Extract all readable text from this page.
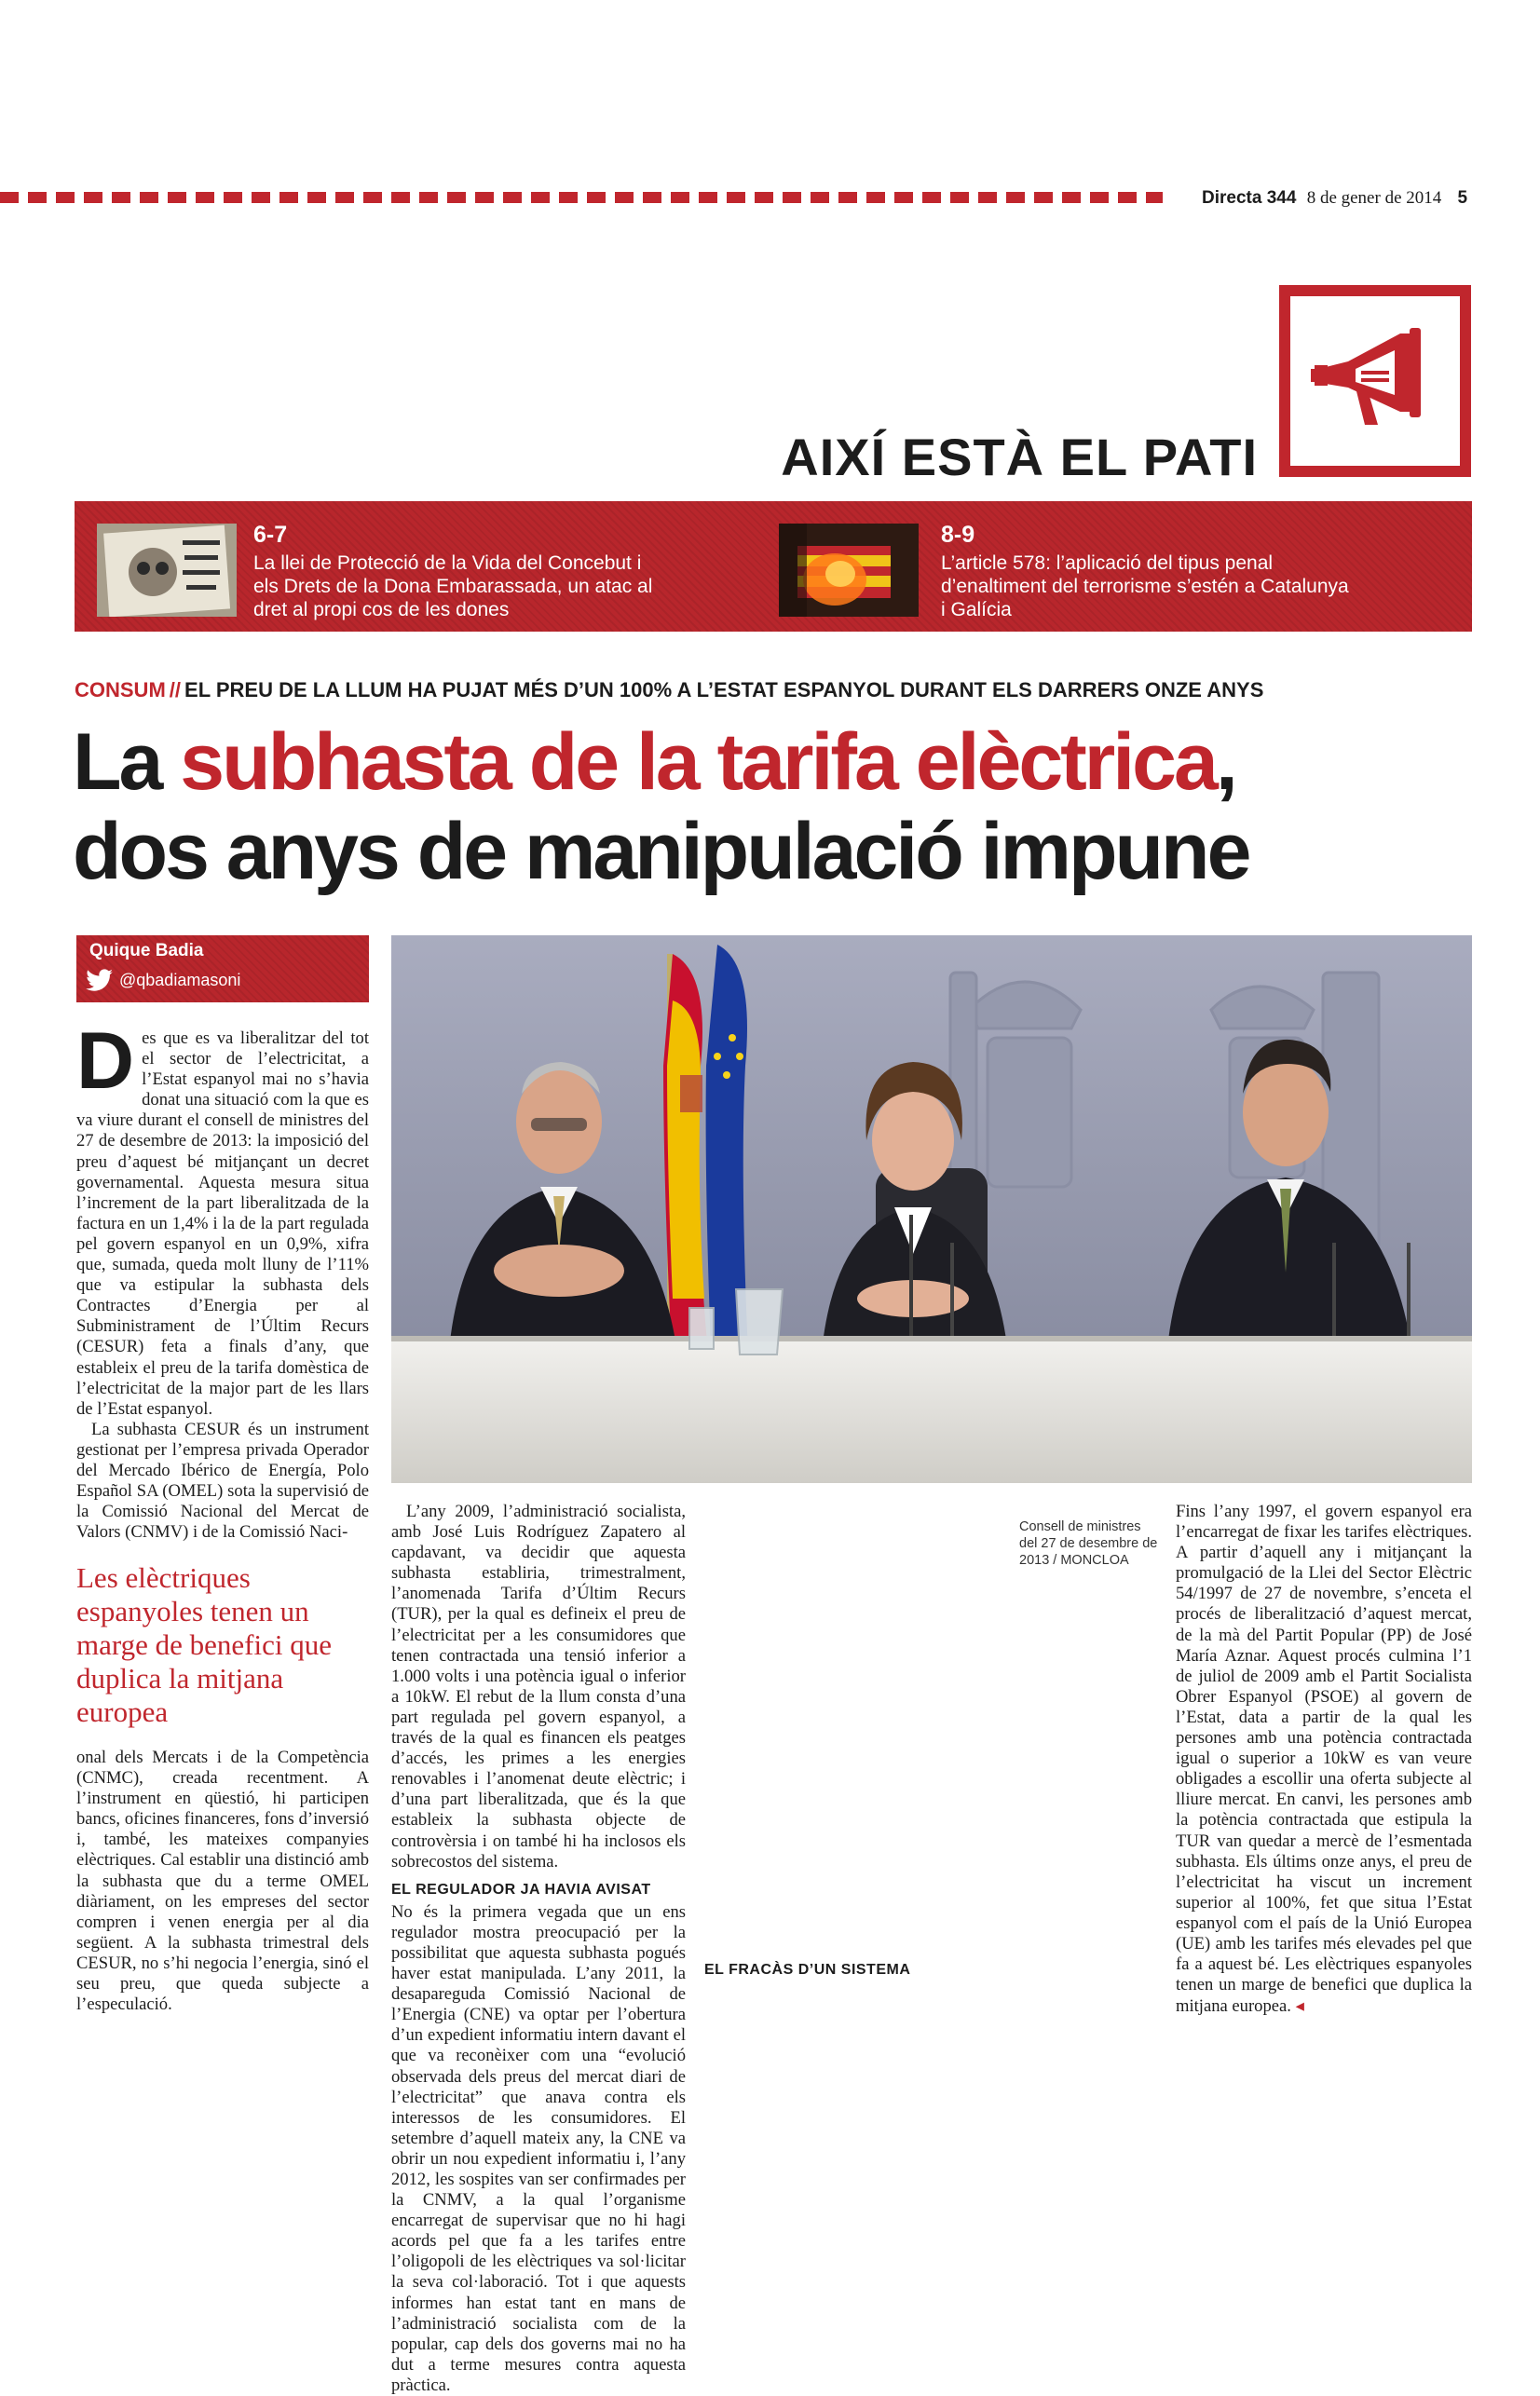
Directa 344 8 de gener de 2014 5
AIXÍ ESTÀ EL PATI
6-7
La llei de Protecció de la Vida del Concebut i els Drets de la Dona Embarassada, un atac al dret al propi cos de les dones
8-9
L’article 578: l’aplicació del tipus penal d’enaltiment del terrorisme s’estén a Catalunya i Galícia
CONSUM // EL PREU DE LA LLUM HA PUJAT MÉS D’UN 100% A L’ESTAT ESPANYOL DURANT ELS DARRERS ONZE ANYS
La subhasta de la tarifa elèctrica,
dos anys de manipulació impune
Quique Badia
@qbadiamasoni
Consell de ministres del 27 de desembre de 2013 / MONCLOA

Des que es va liberalitzar del tot el sector de l’electricitat, a l’Estat espanyol mai no s’havia donat una situació com la que es va viure durant el consell de ministres del 27 de desembre de 2013: la imposició del preu d’aquest bé mitjançant un decret governamental. Aquesta mesura situa l’increment de la part liberalitzada de la factura en un 1,4% i la de la part regulada pel govern espanyol en un 0,9%, xifra que, sumada, queda molt lluny de l’11% que va estipular la subhasta dels Contractes d’Energia per al Subministrament de l’Últim Recurs (CESUR) feta a finals d’any, que estableix el preu de la tarifa domèstica de l’electricitat de la major part de les llars de l’Estat espanyol.

La subhasta CESUR és un instrument gestionat per l’empresa privada Operador del Mercado Ibérico de Energía, Polo Español SA (OMEL) sota la supervisió de la Comissió Nacional del Mercat de Valors (CNMV) i de la Comissió Naci-

Les elèctriques espanyoles tenen un marge de benefici que duplica la mitjana europea

onal dels Mercats i de la Competència (CNMC), creada recentment. A l’instrument en qüestió, hi participen bancs, oficines financeres, fons d’inversió i, també, les mateixes companyies elèctriques. Cal establir una distinció amb la subhasta que du a terme OMEL diàriament, on les empreses del sector compren i venen energia per al dia següent. A la subhasta trimestral dels CESUR, no s’hi negocia l’energia, sinó el seu preu, que queda subjecte a l’especulació.

L’any 2009, l’administració socialista, amb José Luis Rodríguez Zapatero al capdavant, va decidir que aquesta subhasta establiria, trimestralment, l’anomenada Tarifa d’Últim Recurs (TUR), per la qual es defineix el preu de l’electricitat per a les consumidores que tenen contractada una tensió inferior a 1.000 volts i una potència igual o inferior a 10kW. El rebut de la llum consta d’una part regulada pel govern espanyol, a través de la qual es financen els peatges d’accés, les primes a les energies renovables i l’anomenat deute elèctric; i d’una part liberalitzada, que és la que estableix la subhasta objecte de controvèrsia i on també hi ha inclosos els sobrecostos del sistema.

EL REGULADOR JA HAVIA AVISAT

No és la primera vegada que un ens regulador mostra preocupació per la possibilitat que aquesta subhasta pogués haver estat manipulada. L’any 2011, la desapareguda Comissió Nacional de l’Energia (CNE) va optar per l’obertura d’un expedient informatiu intern davant el que va reconèixer com una “evolució observada dels preus del mercat diari de l’electricitat” que anava contra els interessos de les consumidores. El setembre d’aquell mateix any, la CNE va obrir un nou expedient informatiu i, l’any 2012, les sospites van ser confirmades per la CNMV, a la qual l’organisme encarregat de supervisar que no hi hagi acords pel que fa a les tarifes entre l’oligopoli de les elèctriques va sol·licitar la seva col·laboració. Tot i que aquests informes han estat tant en mans de l’administració socialista com de la popular, cap dels dos governs mai no ha dut a terme mesures contra aquesta pràctica.

EL FRACÀS D’UN SISTEMA

Fins l’any 1997, el govern espanyol era l’encarregat de fixar les tarifes elèctriques. A partir d’aquell any i mitjançant la promulgació de la Llei del Sector Elèctric 54/1997 de 27 de novembre, s’enceta el procés de liberalització d’aquest mercat, de la mà del Partit Popular (PP) de José María Aznar. Aquest procés culmina l’1 de juliol de 2009 amb el Partit Socialista Obrer Espanyol (PSOE) al govern de l’Estat, data a partir de la qual les persones amb una potència contractada igual o superior a 10kW es van veure obligades a escollir una oferta subjecte al lliure mercat. En canvi, les persones amb la potència contractada que estipula la TUR van quedar a mercè de l’esmentada subhasta. Els últims onze anys, el preu de l’electricitat ha viscut un increment superior al 100%, fet que situa l’Estat espanyol com el país de la Unió Europea (UE) amb les tarifes més elevades pel que fa a aquest bé. Les elèctriques espanyoles tenen un marge de benefici que duplica la mitjana europea. ◂
